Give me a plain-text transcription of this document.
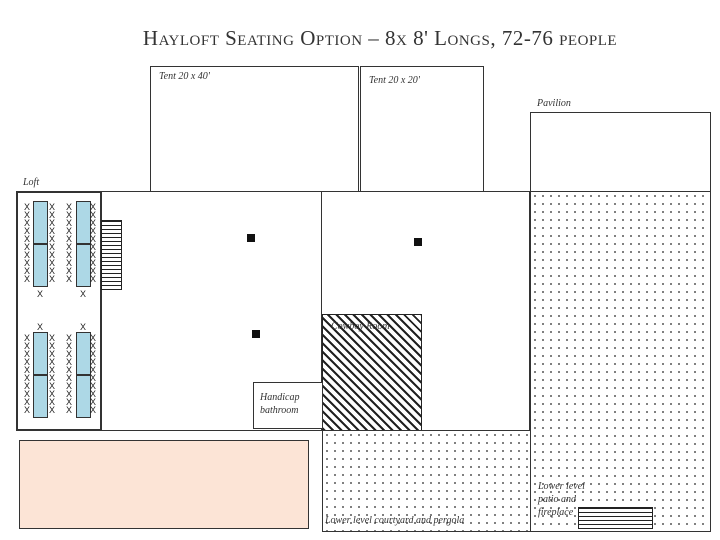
Hayloft Seating Option – 8x 8' Longs, 72-76 people
Tent 20 x 40'	Tent 20 x 20'
Pavilion
Loft
Cowboy Room
Handicap bathroom
Lower level courtyard and pergola
Lower level patio and fireplace
X
X
X
X
X
X
X
X
X
X
X
X
X
X
X
X
X
X
X
X
X
X
X
X
X
X
X
X
X
X
X
X
X
X
X
X
X
X
X
X
X	X
X	X
X
X
X
X
X
X
X
X
X
X
X
X
X
X
X
X
X
X
X
X
X
X
X
X
X
X
X
X
X
X
X
X
X
X
X
X
X
X
X
X
